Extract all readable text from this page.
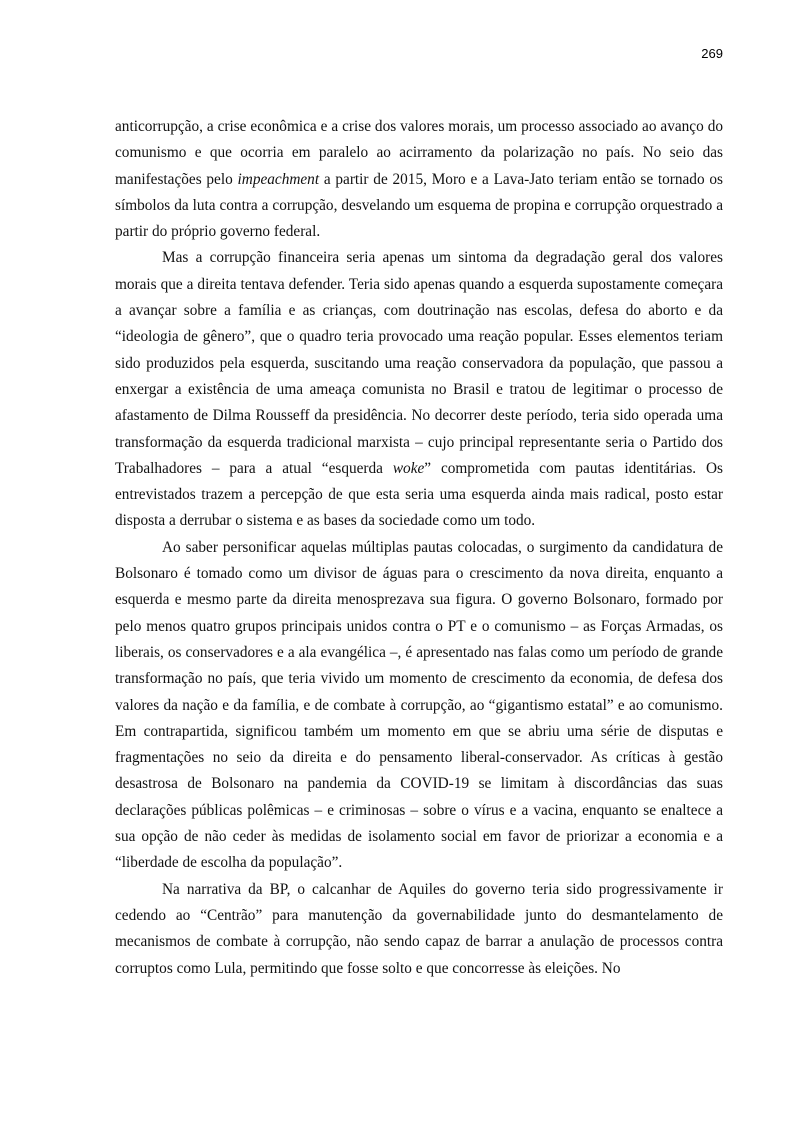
269

anticorrupção, a crise econômica e a crise dos valores morais, um processo associado ao avanço do comunismo e que ocorria em paralelo ao acirramento da polarização no país. No seio das manifestações pelo impeachment a partir de 2015, Moro e a Lava-Jato teriam então se tornado os símbolos da luta contra a corrupção, desvelando um esquema de propina e corrupção orquestrado a partir do próprio governo federal.

Mas a corrupção financeira seria apenas um sintoma da degradação geral dos valores morais que a direita tentava defender. Teria sido apenas quando a esquerda supostamente começara a avançar sobre a família e as crianças, com doutrinação nas escolas, defesa do aborto e da “ideologia de gênero”, que o quadro teria provocado uma reação popular. Esses elementos teriam sido produzidos pela esquerda, suscitando uma reação conservadora da população, que passou a enxergar a existência de uma ameaça comunista no Brasil e tratou de legitimar o processo de afastamento de Dilma Rousseff da presidência. No decorrer deste período, teria sido operada uma transformação da esquerda tradicional marxista – cujo principal representante seria o Partido dos Trabalhadores – para a atual “esquerda woke” comprometida com pautas identitárias. Os entrevistados trazem a percepção de que esta seria uma esquerda ainda mais radical, posto estar disposta a derrubar o sistema e as bases da sociedade como um todo.

Ao saber personificar aquelas múltiplas pautas colocadas, o surgimento da candidatura de Bolsonaro é tomado como um divisor de águas para o crescimento da nova direita, enquanto a esquerda e mesmo parte da direita menosprezava sua figura. O governo Bolsonaro, formado por pelo menos quatro grupos principais unidos contra o PT e o comunismo – as Forças Armadas, os liberais, os conservadores e a ala evangélica –, é apresentado nas falas como um período de grande transformação no país, que teria vivido um momento de crescimento da economia, de defesa dos valores da nação e da família, e de combate à corrupção, ao “gigantismo estatal” e ao comunismo. Em contrapartida, significou também um momento em que se abriu uma série de disputas e fragmentações no seio da direita e do pensamento liberal-conservador. As críticas à gestão desastrosa de Bolsonaro na pandemia da COVID-19 se limitam à discordâncias das suas declarações públicas polêmicas – e criminosas – sobre o vírus e a vacina, enquanto se enaltece a sua opção de não ceder às medidas de isolamento social em favor de priorizar a economia e a “liberdade de escolha da população”.

Na narrativa da BP, o calcanhar de Aquiles do governo teria sido progressivamente ir cedendo ao “Centrão” para manutenção da governabilidade junto do desmantelamento de mecanismos de combate à corrupção, não sendo capaz de barrar a anulação de processos contra corruptos como Lula, permitindo que fosse solto e que concorresse às eleições. No
